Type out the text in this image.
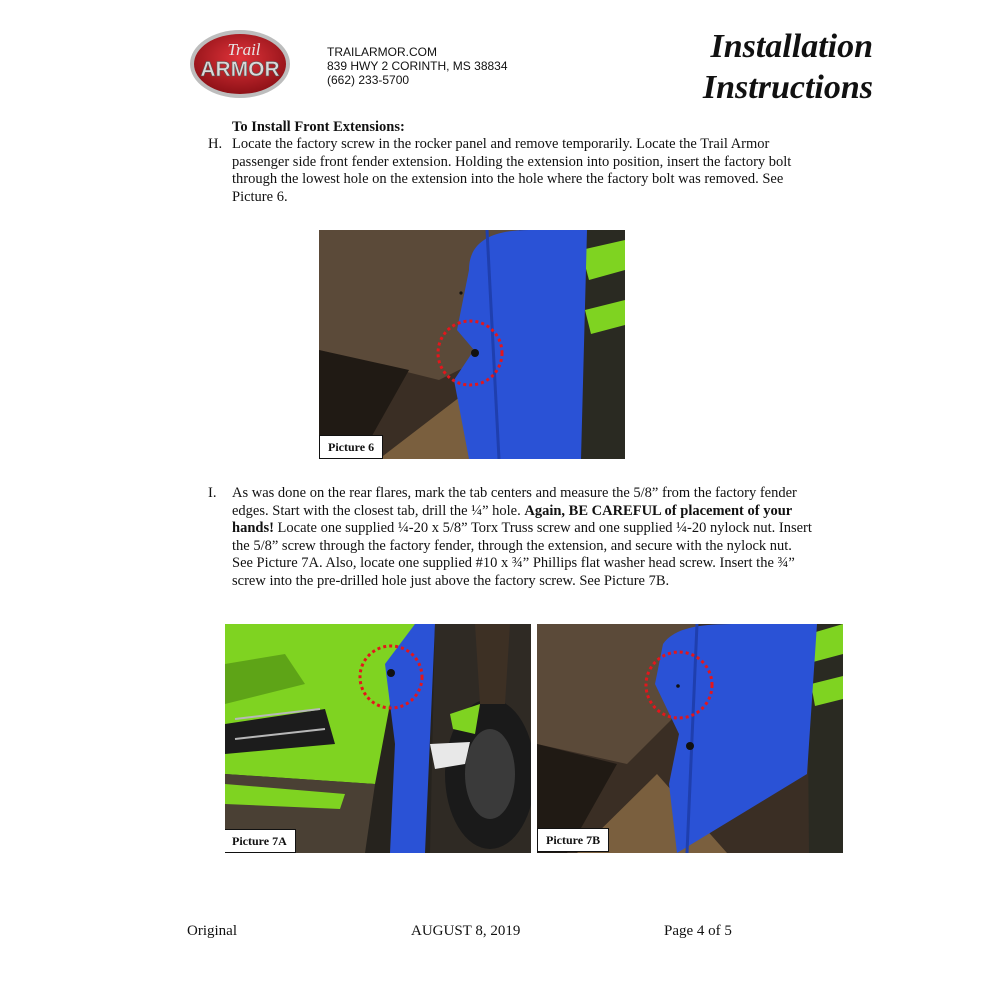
Trail
ARMOR
TRAILARMOR.COM
839 HWY 2 CORINTH, MS 38834
(662) 233-5700
Installation
Instructions
To Install Front Extensions:
H. Locate the factory screw in the rocker panel and remove temporarily. Locate the Trail Armor passenger side front fender extension. Holding the extension into position, insert the factory bolt through the lowest hole on the extension into the hole where the factory bolt was removed. See Picture 6.
Picture 6
I. As was done on the rear flares, mark the tab centers and measure the 5/8” from the factory fender edges. Start with the closest tab, drill the ¼” hole. Again, BE CAREFUL of placement of your hands! Locate one supplied ¼-20 x 5/8” Torx Truss screw and one supplied ¼-20 nylock nut. Insert the 5/8” screw through the factory fender, through the extension, and secure with the nylock nut. See Picture 7A. Also, locate one supplied #10 x ¾” Phillips flat washer head screw. Insert the ¾” screw into the pre-drilled hole just above the factory screw. See Picture 7B.
Picture 7A	Picture 7B
Original	AUGUST 8, 2019	Page 4 of 5
